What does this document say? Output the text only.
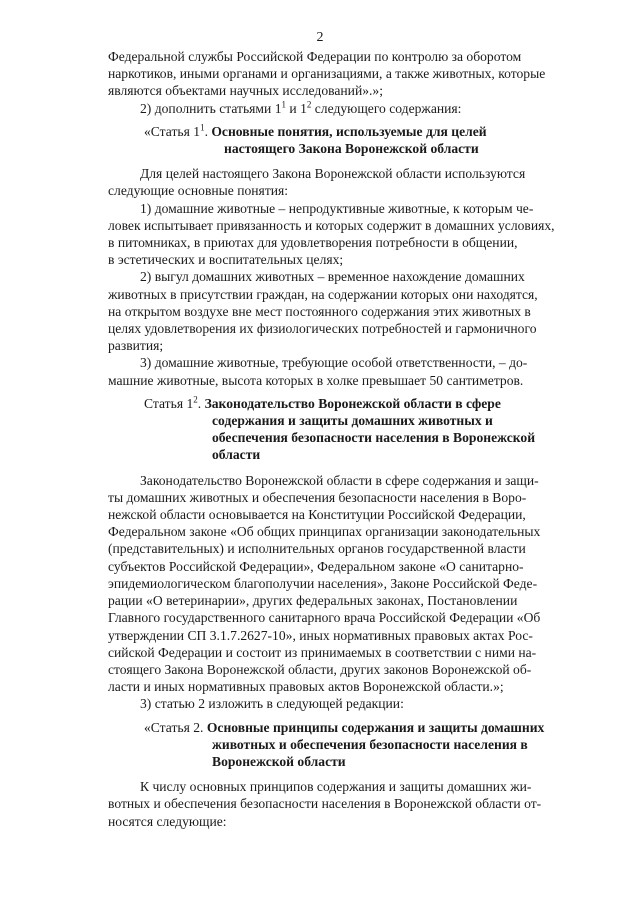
2

Федеральной службы Российской Федерации по контролю за оборотом
наркотиков, иными органами и организациями, а также животных, которые
являются объектами научных исследований».»;

2) дополнить статьями $1^1$ и $1^2$ следующего содержания:

«Статья $1^1$. Основные понятия, используемые для целей
настоящего Закона Воронежской области

Для целей настоящего Закона Воронежской области используются
следующие основные понятия:

1) домашние животные – непродуктивные животные, к которым че-
ловек испытывает привязанность и которых содержит в домашних условиях,
в питомниках, в приютах для удовлетворения потребности в общении,
в эстетических и воспитательных целях;

2) выгул домашних животных – временное нахождение домашних
животных в присутствии граждан, на содержании которых они находятся,
на открытом воздухе вне мест постоянного содержания этих животных в
целях удовлетворения их физиологических потребностей и гармоничного
развития;

3) домашние животные, требующие особой ответственности, – до-
машние животные, высота которых в холке превышает 50 сантиметров.

Статья $1^2$. Законодательство Воронежской области в сфере
содержания и защиты домашних животных и
обеспечения безопасности населения в Воронежской
области

Законодательство Воронежской области в сфере содержания и защи-
ты домашних животных и обеспечения безопасности населения в Воро-
нежской области основывается на Конституции Российской Федерации,
Федеральном законе «Об общих принципах организации законодательных
(представительных) и исполнительных органов государственной власти
субъектов Российской Федерации», Федеральном законе «О санитарно-
эпидемиологическом благополучии населения», Законе Российской Феде-
рации «О ветеринарии», других федеральных законах, Постановлении
Главного государственного санитарного врача Российской Федерации «Об
утверждении СП 3.1.7.2627-10», иных нормативных правовых актах Рос-
сийской Федерации и состоит из принимаемых в соответствии с ними на-
стоящего Закона Воронежской области, других законов Воронежской об-
ласти и иных нормативных правовых актов Воронежской области.»;

3) статью 2 изложить в следующей редакции:

«Статья 2. Основные принципы содержания и защиты домашних
животных и обеспечения безопасности населения в
Воронежской области

К числу основных принципов содержания и защиты домашних жи-
вотных и обеспечения безопасности населения в Воронежской области от-
носятся следующие:
